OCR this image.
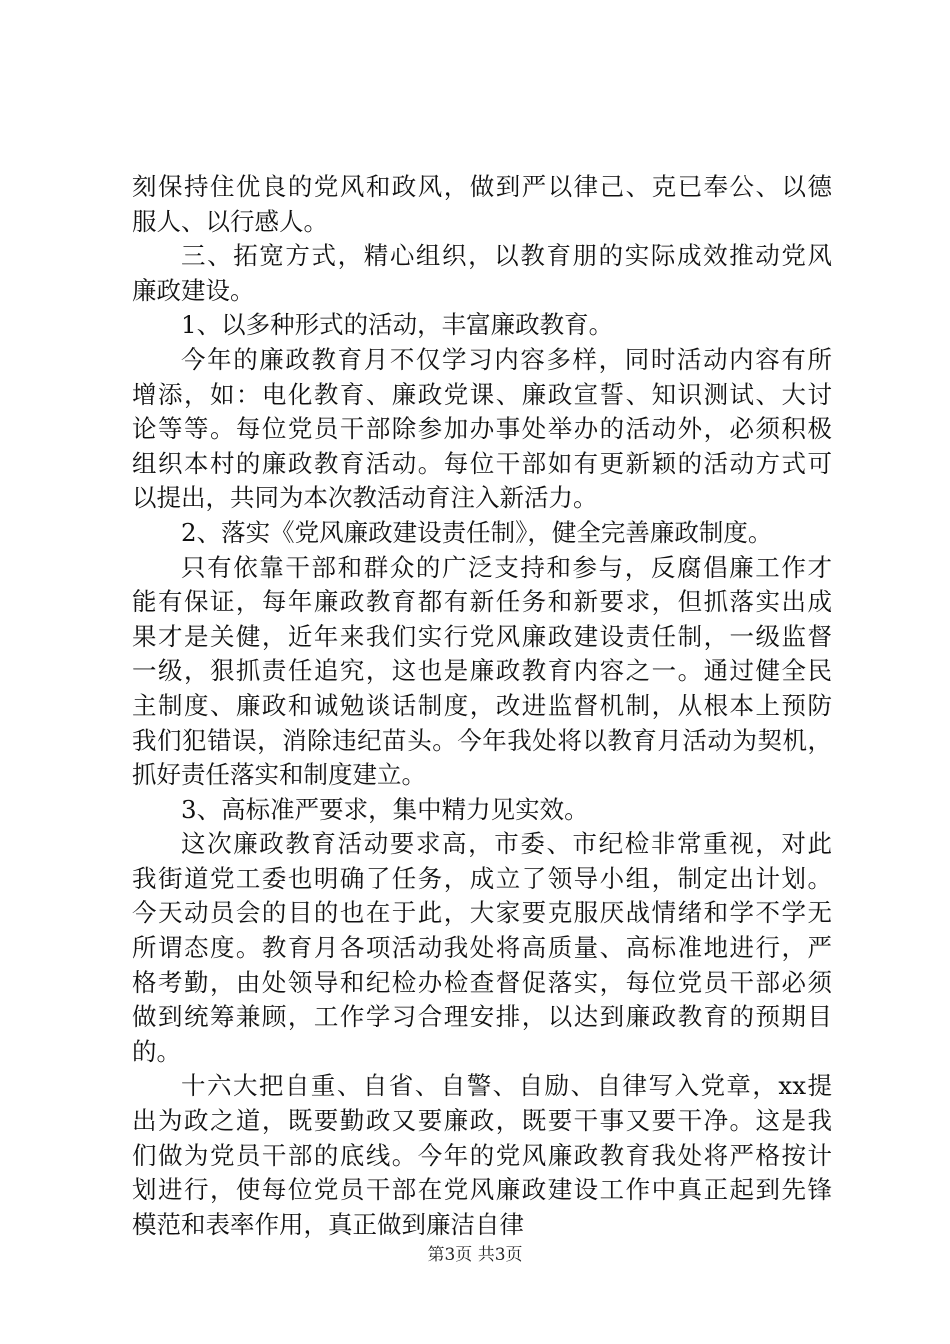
刻保持住优良的党风和政风，做到严以律己、克已奉公、以德
服人、以行感人。
三、拓宽方式，精心组织，以教育朋的实际成效推动党风
廉政建设。
1、以多种形式的活动，丰富廉政教育。
今年的廉政教育月不仅学习内容多样，同时活动内容有所
增添，如：电化教育、廉政党课、廉政宣誓、知识测试、大讨
论等等。每位党员干部除参加办事处举办的活动外，必须积极
组织本村的廉政教育活动。每位干部如有更新颖的活动方式可
以提出，共同为本次教活动育注入新活力。
2、落实《党风廉政建设责任制》，健全完善廉政制度。
只有依靠干部和群众的广泛支持和参与，反腐倡廉工作才
能有保证，每年廉政教育都有新任务和新要求，但抓落实出成
果才是关健，近年来我们实行党风廉政建设责任制，一级监督
一级，狠抓责任追究，这也是廉政教育内容之一。通过健全民
主制度、廉政和诚勉谈话制度，改进监督机制，从根本上预防
我们犯错误，消除违纪苗头。今年我处将以教育月活动为契机，
抓好责任落实和制度建立。
3、高标准严要求，集中精力见实效。
这次廉政教育活动要求高，市委、市纪检非常重视，对此
我街道党工委也明确了任务，成立了领导小组，制定出计划。
今天动员会的目的也在于此，大家要克服厌战情绪和学不学无
所谓态度。教育月各项活动我处将高质量、高标准地进行，严
格考勤，由处领导和纪检办检查督促落实，每位党员干部必须
做到统筹兼顾，工作学习合理安排，以达到廉政教育的预期目
的。
十六大把自重、自省、自警、自励、自律写入党章，xx提
出为政之道，既要勤政又要廉政，既要干事又要干净。这是我
们做为党员干部的底线。今年的党风廉政教育我处将严格按计
划进行，使每位党员干部在党风廉政建设工作中真正起到先锋
模范和表率作用，真正做到廉洁自律
第3页 共3页
